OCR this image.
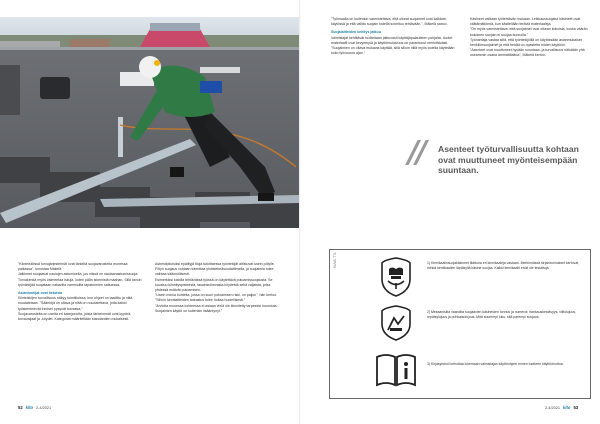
"Työmaalla on kuitenkin varmistettava, että oikeat suojaimet ovat kaikkien käytössä ja että valittu suojain todella soveltuu tehtävään.", Mäkelä sanoo.

Suojalaitteiden kehitys jatkuu

Valmistajat kehittävät tuotteitaan jatkuvasti käyttäjäpalautteen pohjalta. Uudet materiaalit ovat kevyempiä ja käyttömukavuus on parantunut merkittävästi.

"Suojaimien on oltava mukavia käyttää, sillä silloin niitä myös todella käytetään koko työvuoron ajan."

Käsineet valitaan työtehtävän mukaan. Leikkaussuojatut käsineet ovat välttämättömiä, kun käsitellään teräviä materiaaleja.

"On myös varmistettava, että suojaimet ovat oikean kokoisia, koska väärän kokoinen suojain ei suojaa kunnolla."

Työnantaja vastaa siitä, että työntekijöillä on käytössään asianmukaiset henkilönsuojaimet ja että heidät on opastettu niiden käyttöön.

"Asenteet ovat muuttuneet hyvään suuntaan, ja turvallisuus nähdään yhä useammin osana ammattitaitoa", Mäkelä kertoo.

// Asenteet työturvallisuutta kohtaan ovat muuttuneet myönteisempään suuntaan.

"Kiinteistöissä turvajärjestelmät ovat tärkeitä suojavarusteita monessa paikassa", korostaa Mäkelä.

Jalkineet suojaavat naulojen astumiselta, jos niissä on naulaanastumissuoja. Turvakenkä myös vaimentaa iskuja, kuten pään iskemistä maahan. Sillä tavoin työntekijää suojataan vakavilta vammoilta tapaturmien sattuessa.

Asiantuntijat ovat tietoisia

Kiinteistöjen turvallisuus näkyy toimitiloissa, kun ohjeet on laadittu ja niitä noudatetaan. "Sääntöjä on oltava ja niitä on noudatettava, jotta kaikki työskentelevät ihmiset pysyvät turvassa."

Suojavarusteita on useita eri kategorioita, joista tärkeimmät ovat kypärä, turvavaljaat ja -köydet. Kategoriat määritellään standardien mukaisesti.

Asbestipitoisiksi epäiltyjä tiloja tutkittaessa työntekijät altistuvat usein pölylle. Pölyn suojaus voidaan toteuttaa yhdistelmäsuodattimella, ja suojaimia tulee vaihtaa säännöllisesti.

Esimerkiksi katolla tehtävässä työssä on käytettävä putoamissuojausta. Se koostuu kiinnityspisteestä, tasainkulkevasta köydestä sekä valjaista, jotka yhdessä estävät putoamisen.

"Usein monia kohteita, jossa on suuri putoamisen riski, on paljon", hän kertoo. "Silloin turvalaitteiden tarkastus tulee hoitaa huolellisesti."

"Arviolta monessa kohteessa ei asiaan vielä ole kiinnitetty tarpeeksi huomiota. Suojainten käyttö on kuitenkin lisääntynyt."

KUVA: TTL	1) Kemikaalinsuojakäsineet tilattuna eri kemikaaleja vastaan. Merkinnässä kirjaintunnukset kertovat, minkä kemikaalien läpäisyltä käsine suojaa. Kaikki kemikaalit eivät ole testattuja.
2) Mekaanisilta vaaroilta suojaavien käsineiden tunnus ja numerot: hankauskestävyys, viiltolujuus, repäisylujuus ja puhkaisulujuus. Mitä suurempi luku, sitä parempi suojaus.
3) Kirjasymboli kehottaa lukemaan valmistajan käyttöohjeet ennen tuotteen käyttöönottoa.
52 kito 2-4/2021	2-4/2021 kito 53
